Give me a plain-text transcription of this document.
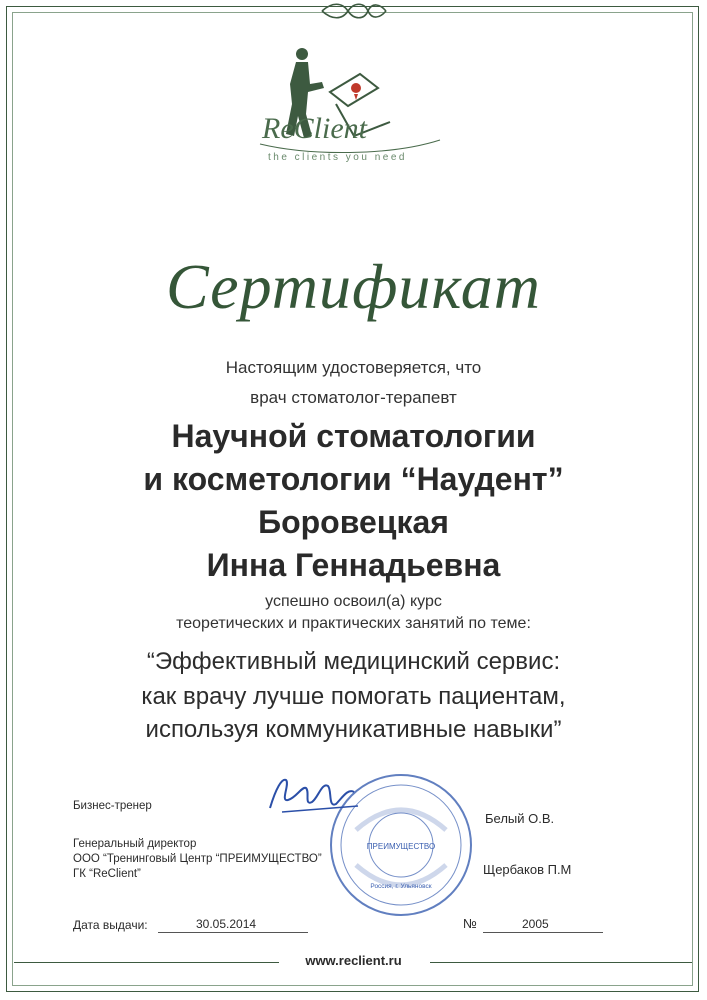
ReClient
the clients you need
Сертификат
Настоящим удостоверяется, что
врач стоматолог-терапевт
Научной стоматологии
и косметологии “Наудент”
Боровецкая
Инна Геннадьевна
успешно освоил(а) курс
теоретических и практических занятий по теме:
“Эффективный медицинский сервис:
как врачу лучше помогать пациентам,
используя коммуникативные навыки”
Бизнес-тренер
Генеральный директор
ООО “Тренинговый Центр “ПРЕИМУЩЕСТВО”
ГК “ReClient”
Белый О.В.
Щербаков П.М
ПРЕИМУЩЕСТВО
Россия, г. Ульяновск
Дата выдачи:	30.05.2014	№	2005
www.reclient.ru
